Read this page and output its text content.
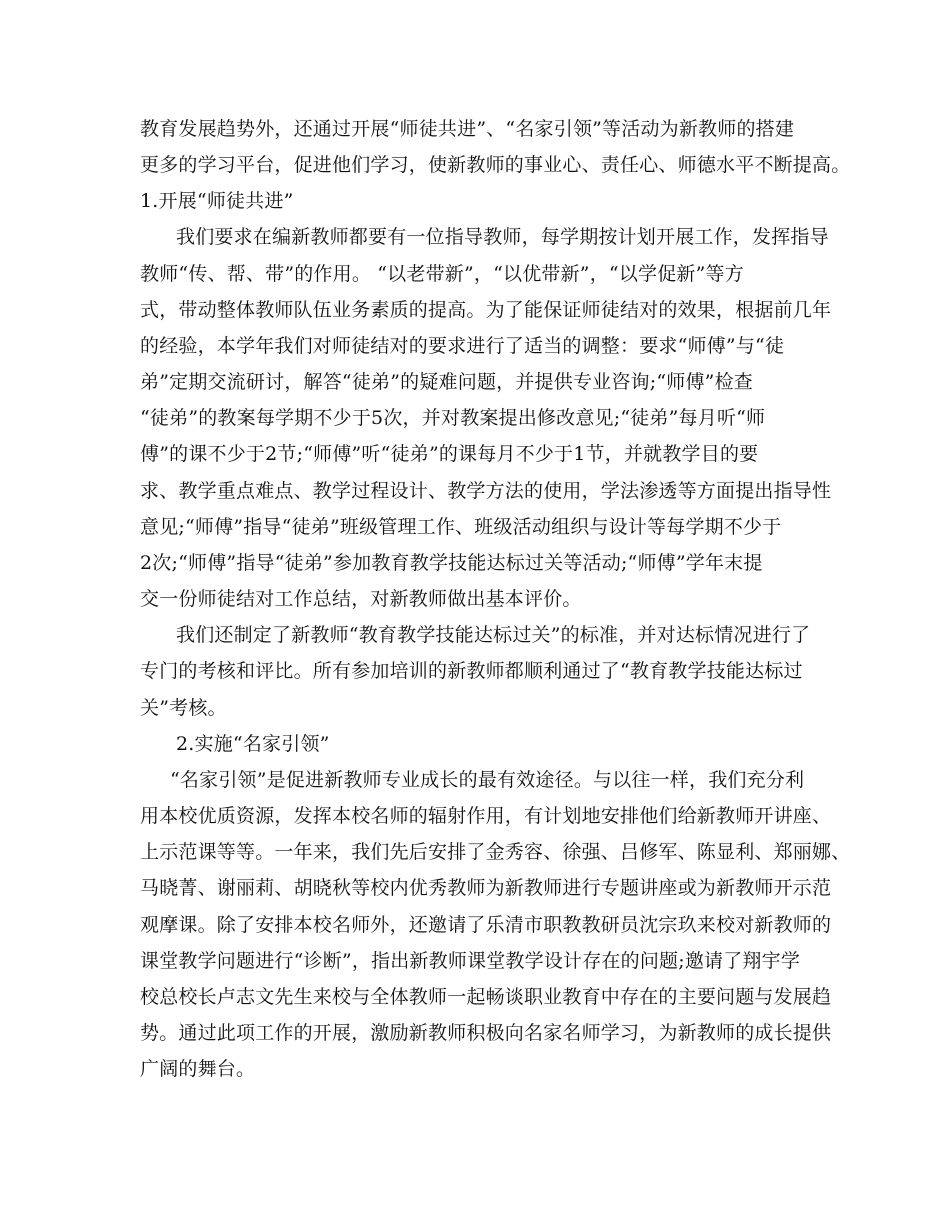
教育发展趋势外，还通过开展“师徒共进”、“名家引领”等活动为新教师的搭建
更多的学习平台，促进他们学习，使新教师的事业心、责任心、师德水平不断提高。
1.开展“师徒共进”
我们要求在编新教师都要有一位指导教师，每学期按计划开展工作，发挥指导
教师“传、帮、带”的作用。 “以老带新”，“以优带新”，“以学促新”等方
式，带动整体教师队伍业务素质的提高。为了能保证师徒结对的效果，根据前几年
的经验，本学年我们对师徒结对的要求进行了适当的调整：要求“师傅”与“徒
弟”定期交流研讨，解答“徒弟”的疑难问题，并提供专业咨询;“师傅”检查
“徒弟”的教案每学期不少于5次，并对教案提出修改意见;“徒弟”每月听“师
傅”的课不少于2节;“师傅”听“徒弟”的课每月不少于1节，并就教学目的要
求、教学重点难点、教学过程设计、教学方法的使用，学法渗透等方面提出指导性
意见;“师傅”指导“徒弟”班级管理工作、班级活动组织与设计等每学期不少于
2次;“师傅”指导“徒弟”参加教育教学技能达标过关等活动;“师傅”学年末提
交一份师徒结对工作总结，对新教师做出基本评价。
我们还制定了新教师“教育教学技能达标过关”的标准，并对达标情况进行了
专门的考核和评比。所有参加培训的新教师都顺利通过了“教育教学技能达标过
关”考核。
2.实施“名家引领”
“名家引领”是促进新教师专业成长的最有效途径。与以往一样，我们充分利
用本校优质资源，发挥本校名师的辐射作用，有计划地安排他们给新教师开讲座、
上示范课等等。一年来，我们先后安排了金秀容、徐强、吕修军、陈显利、郑丽娜、
马晓菁、谢丽莉、胡晓秋等校内优秀教师为新教师进行专题讲座或为新教师开示范
观摩课。除了安排本校名师外，还邀请了乐清市职教教研员沈宗玖来校对新教师的
课堂教学问题进行“诊断”，指出新教师课堂教学设计存在的问题;邀请了翔宇学
校总校长卢志文先生来校与全体教师一起畅谈职业教育中存在的主要问题与发展趋
势。通过此项工作的开展，激励新教师积极向名家名师学习，为新教师的成长提供
广阔的舞台。
